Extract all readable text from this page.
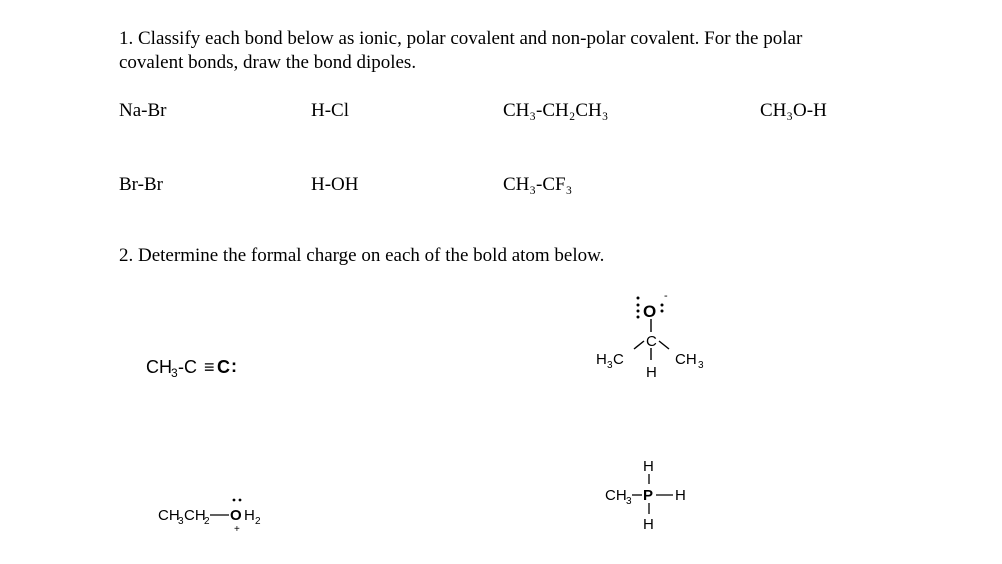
1. Classify each bond below as ionic, polar covalent and non-polar covalent. For the polar
covalent bonds, draw the bond dipoles.
Na-Br	H-Cl	CH₃-CH₂CH₃	CH₃O-H
Br-Br	H-OH	CH₃-CF₃
2. Determine the formal charge on each of the bold atom below.
CH 3 -C ≡ C :
-
O
C
H 3 C	CH 3
H
CH
3 CH
2 O H 2
+
H
CH 3 P H
H
